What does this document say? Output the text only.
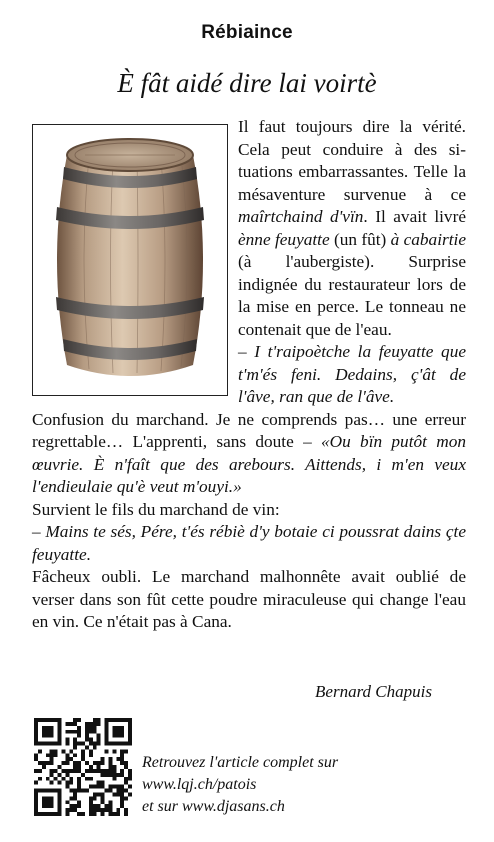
Rébiaince
È fât aidé dire lai voirtè

Il faut toujours dire la vérité. Cela peut conduire à des situations embarrassantes. Telle la mésaventure survenue à ce maîrtchaind d'vïn. Il avait livré ènne feuyatte (un fût) à cabairtie (à l'aubergiste). Surprise indignée du restaurateur lors de la mise en perce. Le tonneau ne contenait que de l'eau.

– I t'raipoètche la feuyatte que t'm'és feni. Dedains, ç'ât de l'âve, ran que de l'âve.

Confusion du marchand. Je ne comprends pas… une erreur regrettable… L'apprenti, sans doute – «Ou bïn putôt mon œuvrie. È n'faît que des arebours. Aittends, i m'en veux l'endieulaie qu'è veut m'ouyi.»

Survient le fils du marchand de vin:

– Mains te sés, Pére, t'és rébiè d'y botaie ci poussrat dains çte feuyatte.

Fâcheux oubli. Le marchand malhonnête avait oublié de verser dans son fût cette poudre miraculeuse qui change l'eau en vin. Ce n'était pas à Cana.

Bernard Chapuis
Retrouvez l'article complet sur
www.lqj.ch/patois
et sur www.djasans.ch
